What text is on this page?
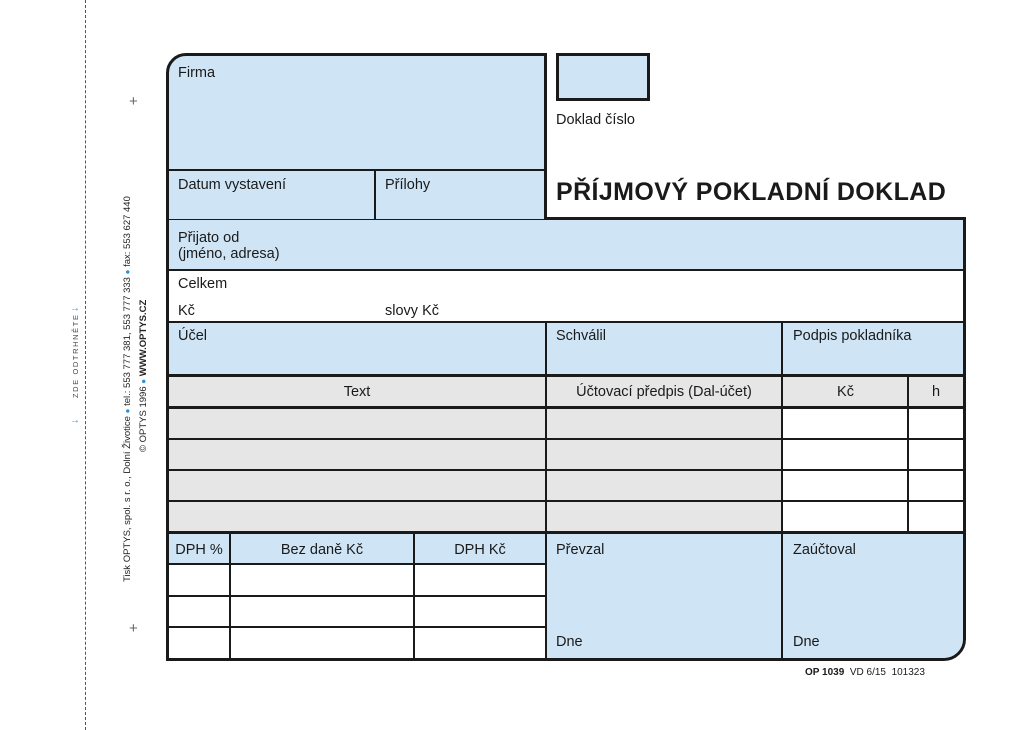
→
→
ZDE ODTRHNĚTE
Tisk OPTYS, spol. s r. o., Dolní Životice ● tel.: 553 777 381, 553 777 333 ● fax: 553 627 440
© OPTYS 1996 ● WWW.OPTYS.CZ
+
+
Doklad číslo
PŘÍJMOVÝ POKLADNÍ DOKLAD
Firma
Datum vystavení	Přílohy
Přijato od
(jméno, adresa)
Celkem
Kč	slovy Kč
Účel	Schválil	Podpis pokladníka
Text	Účtovací předpis (Dal-účet)	Kč	h
DPH %	Bez daně Kč	DPH Kč	Převzal	Zaúčtoval
Dne	Dne
OP 1039 VD 6/15 101323
